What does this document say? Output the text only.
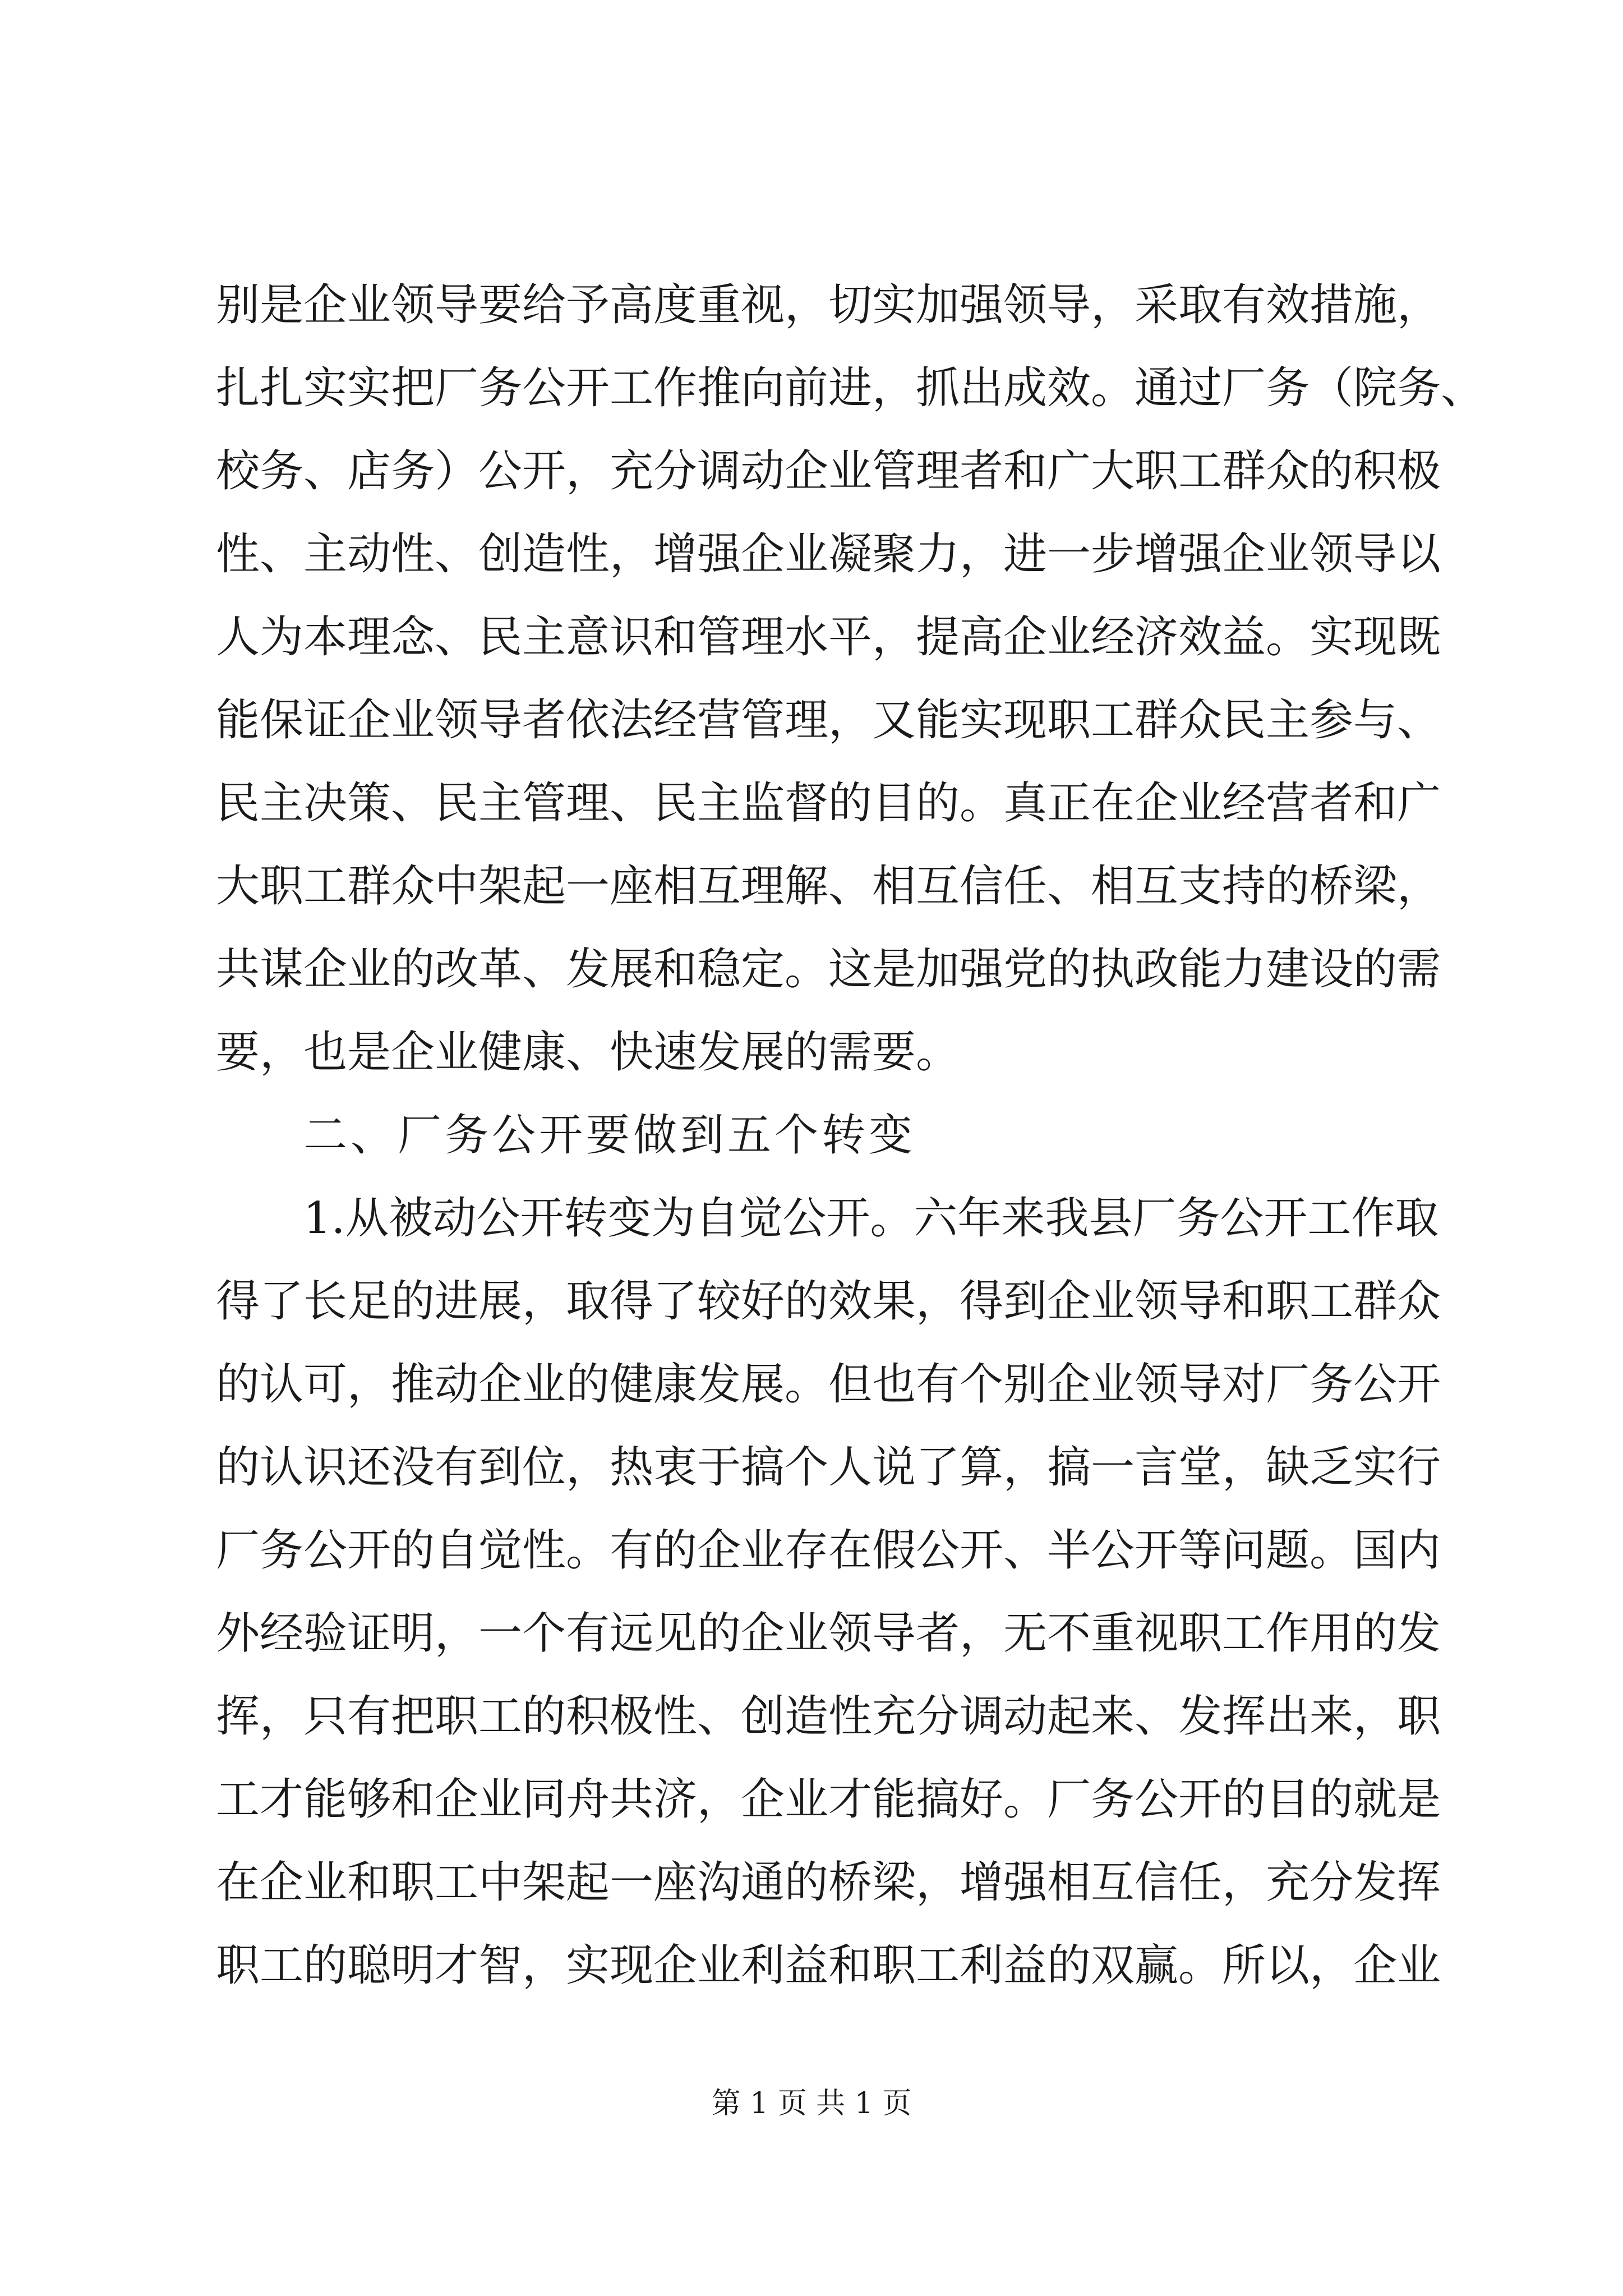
别是企业领导要给予高度重视，切实加强领导，采取有效措施，
扎扎实实把厂务公开工作推向前进，抓出成效。通过厂务（院务、
校务、店务）公开，充分调动企业管理者和广大职工群众的积极
性、主动性、创造性，增强企业凝聚力，进一步增强企业领导以
人为本理念、民主意识和管理水平，提高企业经济效益。实现既
能保证企业领导者依法经营管理，又能实现职工群众民主参与、
民主决策、民主管理、民主监督的目的。真正在企业经营者和广
大职工群众中架起一座相互理解、相互信任、相互支持的桥梁，
共谋企业的改革、发展和稳定。这是加强党的执政能力建设的需
要，也是企业健康、快速发展的需要。
二、厂务公开要做到五个转变
1.从被动公开转变为自觉公开。六年来我县厂务公开工作取
得了长足的进展，取得了较好的效果，得到企业领导和职工群众
的认可，推动企业的健康发展。但也有个别企业领导对厂务公开
的认识还没有到位，热衷于搞个人说了算，搞一言堂，缺乏实行
厂务公开的自觉性。有的企业存在假公开、半公开等问题。国内
外经验证明，一个有远见的企业领导者，无不重视职工作用的发
挥，只有把职工的积极性、创造性充分调动起来、发挥出来，职
工才能够和企业同舟共济，企业才能搞好。厂务公开的目的就是
在企业和职工中架起一座沟通的桥梁，增强相互信任，充分发挥
职工的聪明才智，实现企业利益和职工利益的双赢。所以，企业
第 1 页 共 1 页
